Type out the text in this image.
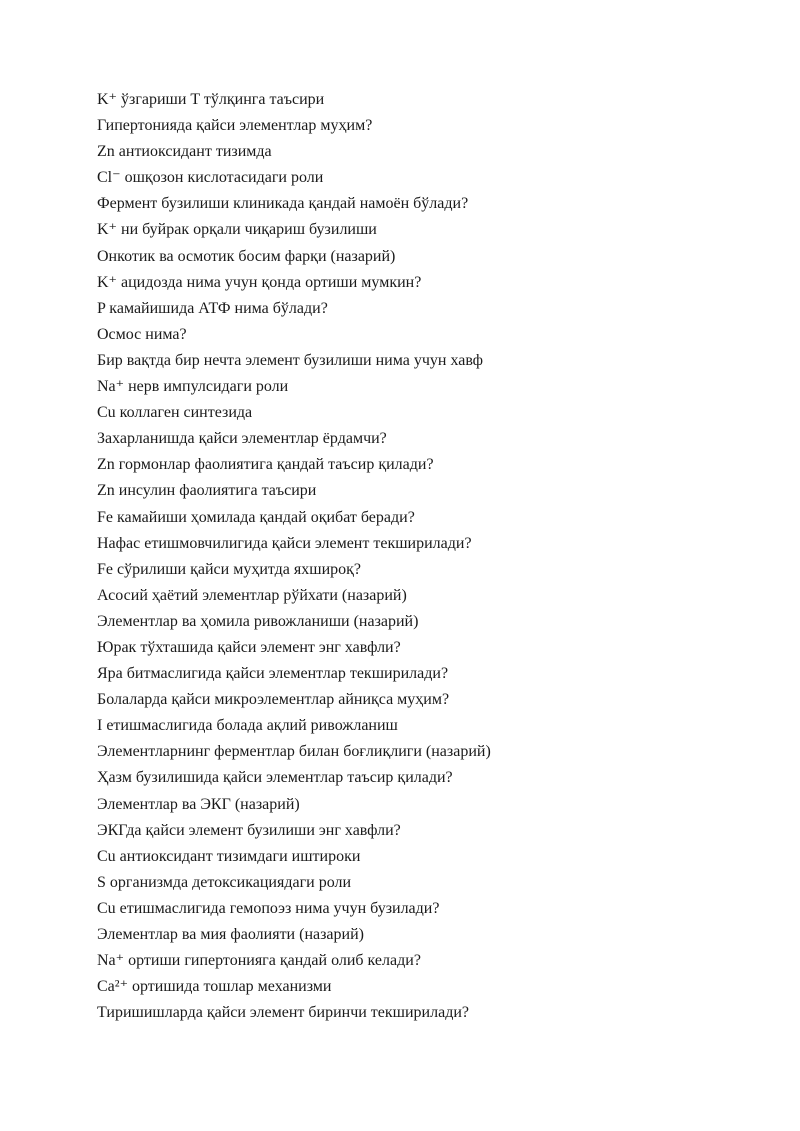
K⁺ ўзгариши T тўлқинга таъсири
Гипертонияда қайси элементлар муҳим?
Zn антиоксидант тизимда
Cl⁻ ошқозон кислотасидаги роли
Фермент бузилиши клиникада қандай намоён бўлади?
K⁺ ни буйрак орқали чиқариш бузилиши
Онкотик ва осмотик босим фарқи (назарий)
K⁺ ацидозда нима учун қонда ортиши мумкин?
P камайишида АТФ нима бўлади?
Осмос нима?
Бир вақтда бир нечта элемент бузилиши нима учун хавф
Na⁺ нерв импулсидаги роли
Cu коллаген синтезида
Захарланишда қайси элементлар ёрдамчи?
Zn гормонлар фаолиятига қандай таъсир қилади?
Zn инсулин фаолиятига таъсири
Fe камайиши ҳомилада қандай оқибат беради?
Нафас етишмовчилигида қайси элемент текширилади?
Fe сўрилиши қайси муҳитда яхшироқ?
Асосий ҳаётий элементлар рўйхати (назарий)
Элементлар ва ҳомила ривожланиши (назарий)
Юрак тўхташида қайси элемент энг хавфли?
Яра битмаслигида қайси элементлар текширилади?
Болаларда қайси микроэлементлар айниқса муҳим?
I етишмаслигида болада ақлий ривожланиш
Элементларнинг ферментлар билан боғлиқлиги (назарий)
Ҳазм бузилишида қайси элементлар таъсир қилади?
Элементлар ва ЭКГ (назарий)
ЭКГда қайси элемент бузилиши энг хавфли?
Cu антиоксидант тизимдаги иштироки
S организмда детоксикациядаги роли
Cu етишмаслигида гемопоэз нима учун бузилади?
Элементлар ва мия фаолияти (назарий)
Na⁺ ортиши гипертонияга қандай олиб келади?
Ca²⁺ ортишида тошлар механизми
Тиришишларда қайси элемент биринчи текширилади?
